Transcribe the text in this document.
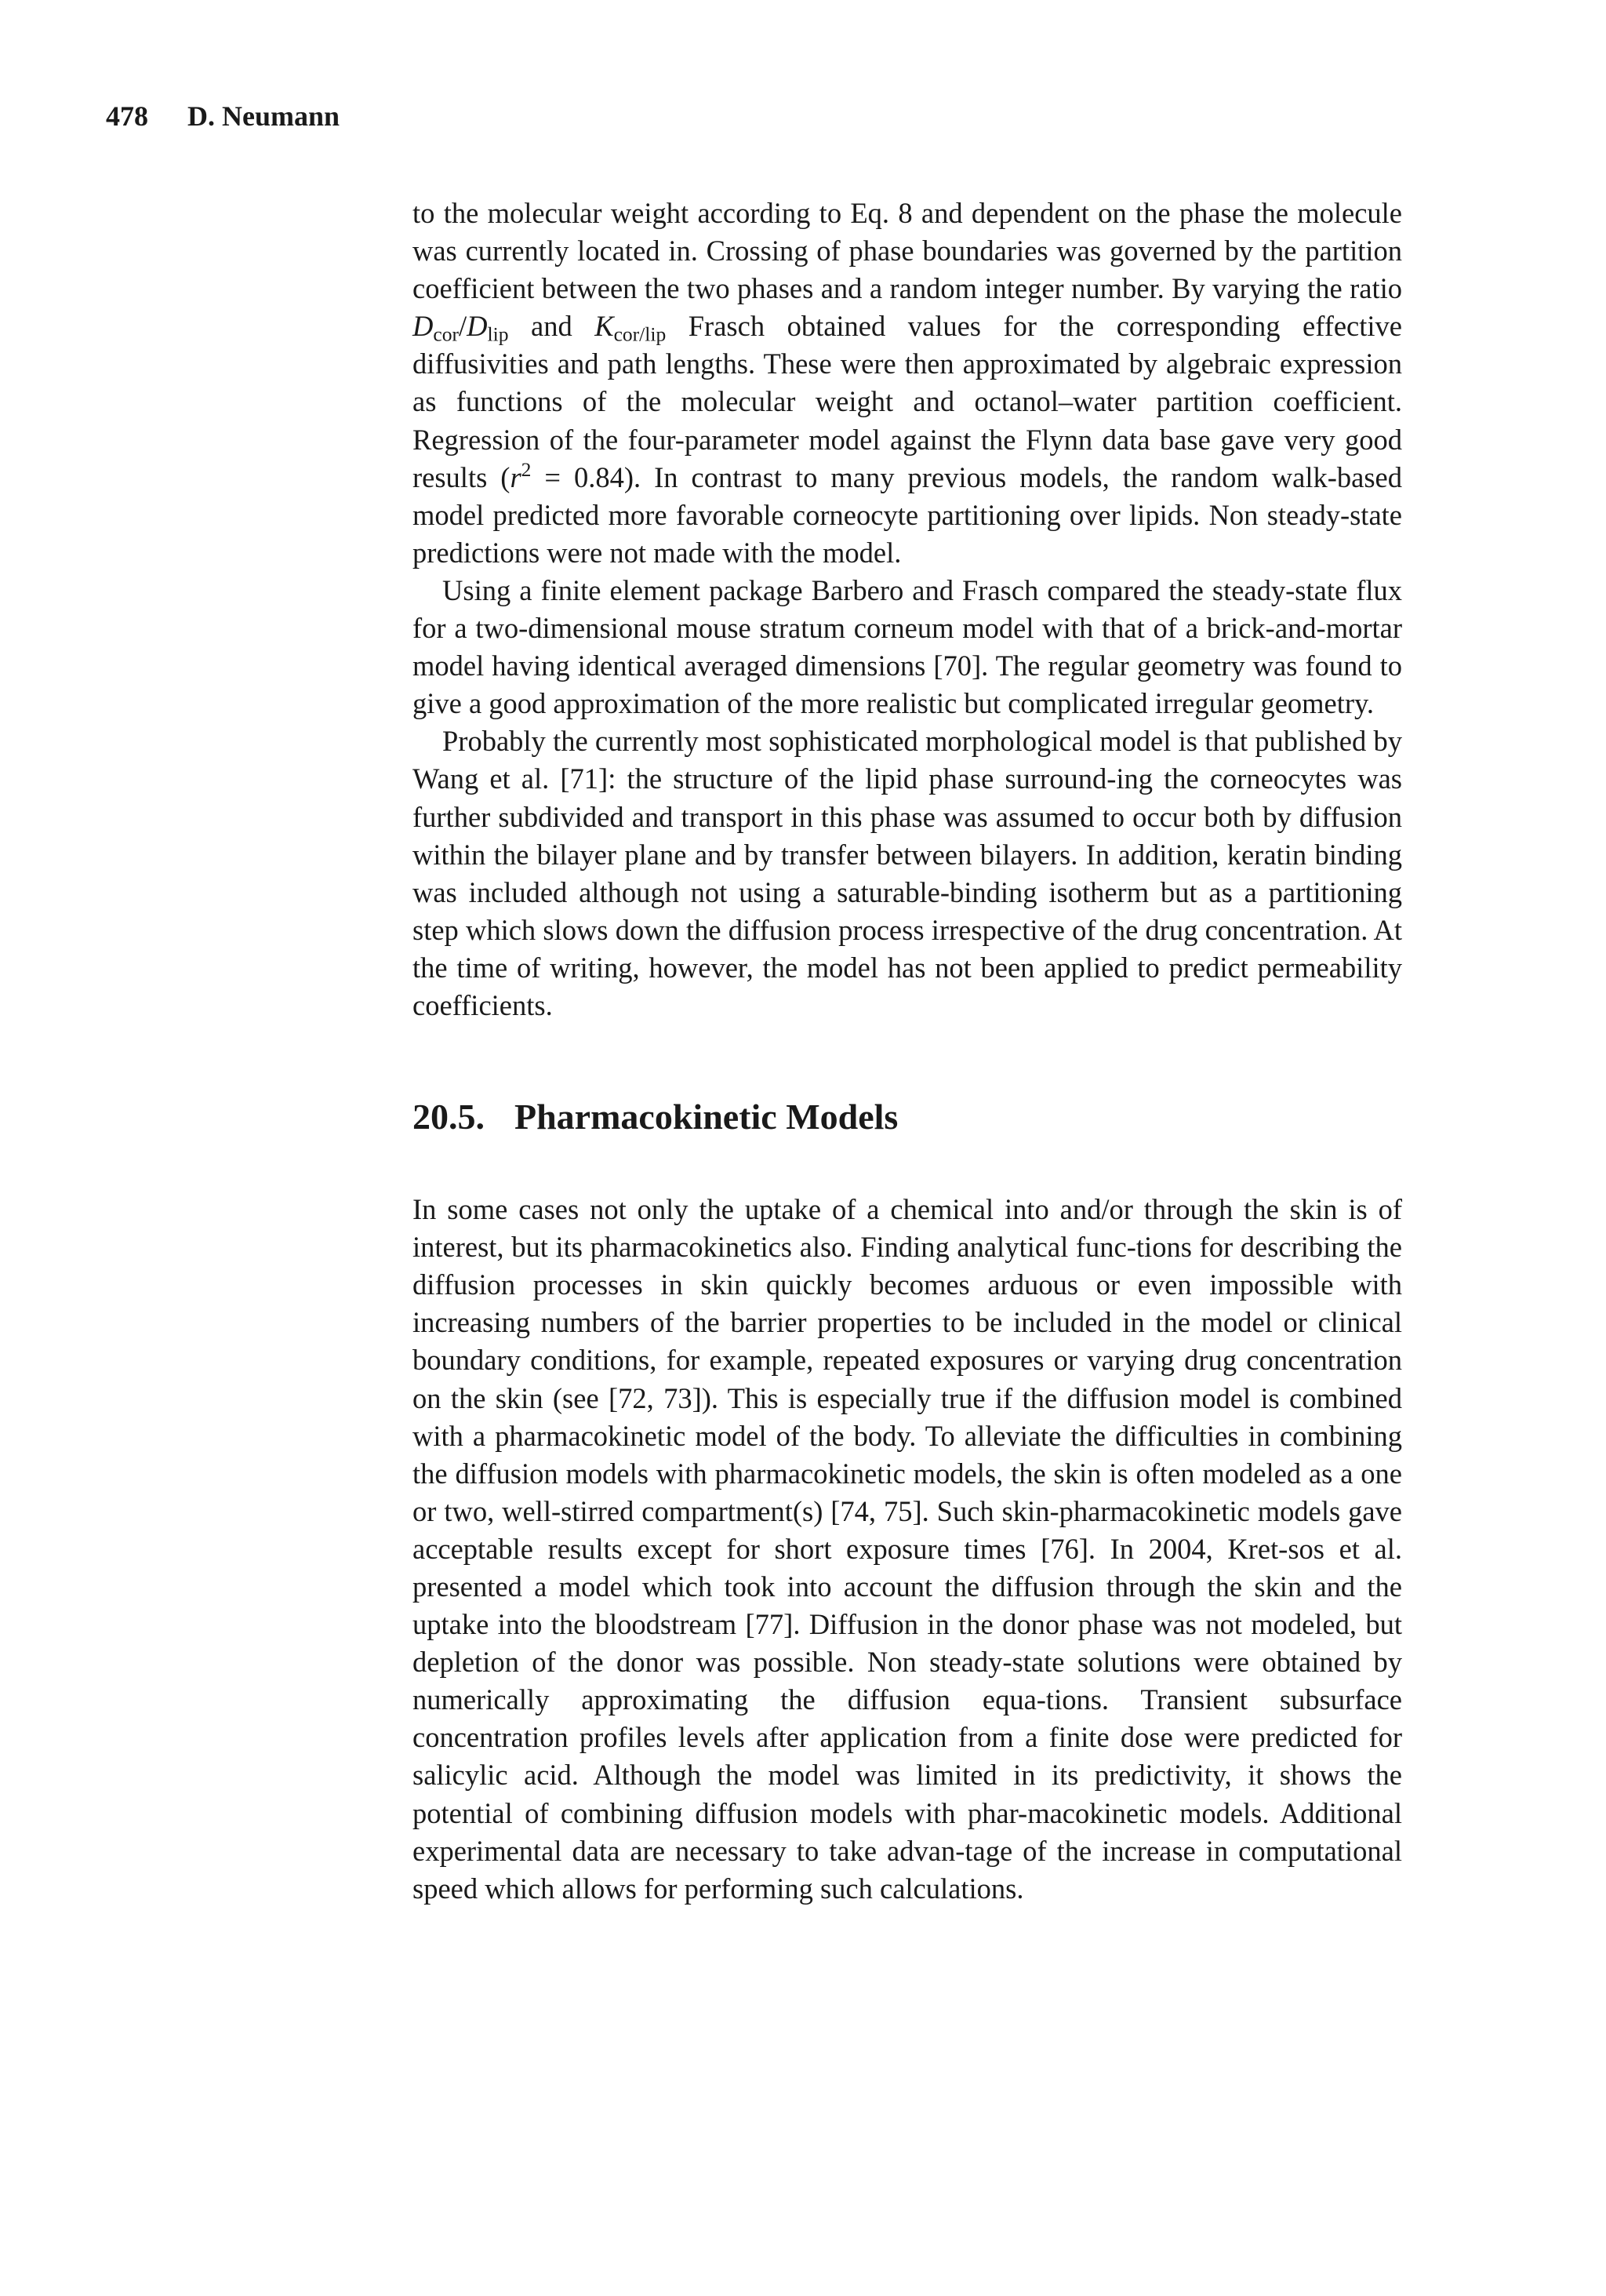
478 D. Neumann

to the molecular weight according to Eq. 8 and dependent on the phase the molecule was currently located in. Crossing of phase boundaries was governed by the partition coefficient between the two phases and a random integer number. By varying the ratio $D_{cor}/D_{lip}$ and $K_{cor/lip}$ Frasch obtained values for the corresponding effective diffusivities and path lengths. These were then approximated by algebraic expression as functions of the molecular weight and octanol–water partition coefficient. Regression of the four-parameter model against the Flynn data base gave very good results $(r^2 = 0.84)$. In contrast to many previous models, the random walk-based model predicted more favorable corneocyte partitioning over lipids. Non steady-state predictions were not made with the model.

Using a finite element package Barbero and Frasch compared the steady-state flux for a two-dimensional mouse stratum corneum model with that of a brick-and-mortar model having identical averaged dimensions [70]. The regular geometry was found to give a good approximation of the more realistic but complicated irregular geometry.

Probably the currently most sophisticated morphological model is that published by Wang et al. [71]: the structure of the lipid phase surround-ing the corneocytes was further subdivided and transport in this phase was assumed to occur both by diffusion within the bilayer plane and by transfer between bilayers. In addition, keratin binding was included although not using a saturable-binding isotherm but as a partitioning step which slows down the diffusion process irrespective of the drug concentration. At the time of writing, however, the model has not been applied to predict permeability coefficients.

20.5. Pharmacokinetic Models

In some cases not only the uptake of a chemical into and/or through the skin is of interest, but its pharmacokinetics also. Finding analytical func-tions for describing the diffusion processes in skin quickly becomes arduous or even impossible with increasing numbers of the barrier properties to be included in the model or clinical boundary conditions, for example, repeated exposures or varying drug concentration on the skin (see [72, 73]). This is especially true if the diffusion model is combined with a pharmacokinetic model of the body. To alleviate the difficulties in combining the diffusion models with pharmacokinetic models, the skin is often modeled as a one or two, well-stirred compartment(s) [74, 75]. Such skin-pharmacokinetic models gave acceptable results except for short exposure times [76]. In 2004, Kret-sos et al. presented a model which took into account the diffusion through the skin and the uptake into the bloodstream [77]. Diffusion in the donor phase was not modeled, but depletion of the donor was possible. Non steady-state solutions were obtained by numerically approximating the diffusion equa-tions. Transient subsurface concentration profiles levels after application from a finite dose were predicted for salicylic acid. Although the model was limited in its predictivity, it shows the potential of combining diffusion models with phar-macokinetic models. Additional experimental data are necessary to take advan-tage of the increase in computational speed which allows for performing such calculations.
